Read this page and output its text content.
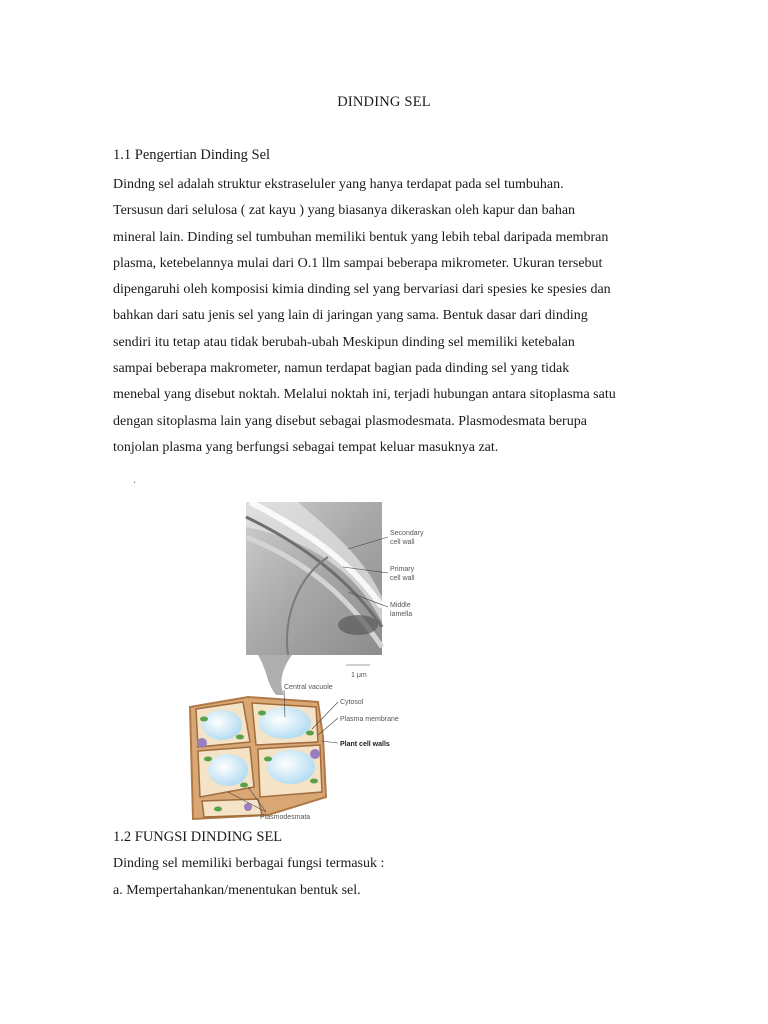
DINDING SEL
1.1 Pengertian Dinding Sel
Dindng sel adalah struktur ekstraseluler yang hanya terdapat pada sel tumbuhan.
Tersusun dari selulosa ( zat kayu ) yang biasanya dikeraskan oleh kapur dan bahan
mineral lain. Dinding sel tumbuhan memiliki bentuk yang lebih tebal daripada membran
plasma, ketebelannya mulai dari O.1 llm sampai beberapa mikrometer. Ukuran tersebut
dipengaruhi oleh komposisi kimia dinding sel yang bervariasi dari spesies ke spesies dan
bahkan dari satu jenis sel yang lain di jaringan yang sama. Bentuk dasar dari dinding
sendiri itu tetap atau tidak berubah-ubah Meskipun dinding sel memiliki ketebalan
sampai beberapa makrometer, namun terdapat bagian pada dinding sel yang tidak
menebal yang disebut noktah. Melalui noktah ini, terjadi hubungan antara sitoplasma satu
dengan sitoplasma lain yang disebut sebagai plasmodesmata. Plasmodesmata berupa
tonjolan plasma yang berfungsi sebagai tempat keluar masuknya zat.
.
Secondary
cell wall
Primary
cell wall
Middle
lamella
1 μm
Central vacuole
Cytosol
Plasma membrane
Plant cell walls
Plasmodesmata
1.2 FUNGSI DINDING SEL
Dinding sel memiliki berbagai fungsi termasuk :
a. Mempertahankan/menentukan bentuk sel.
